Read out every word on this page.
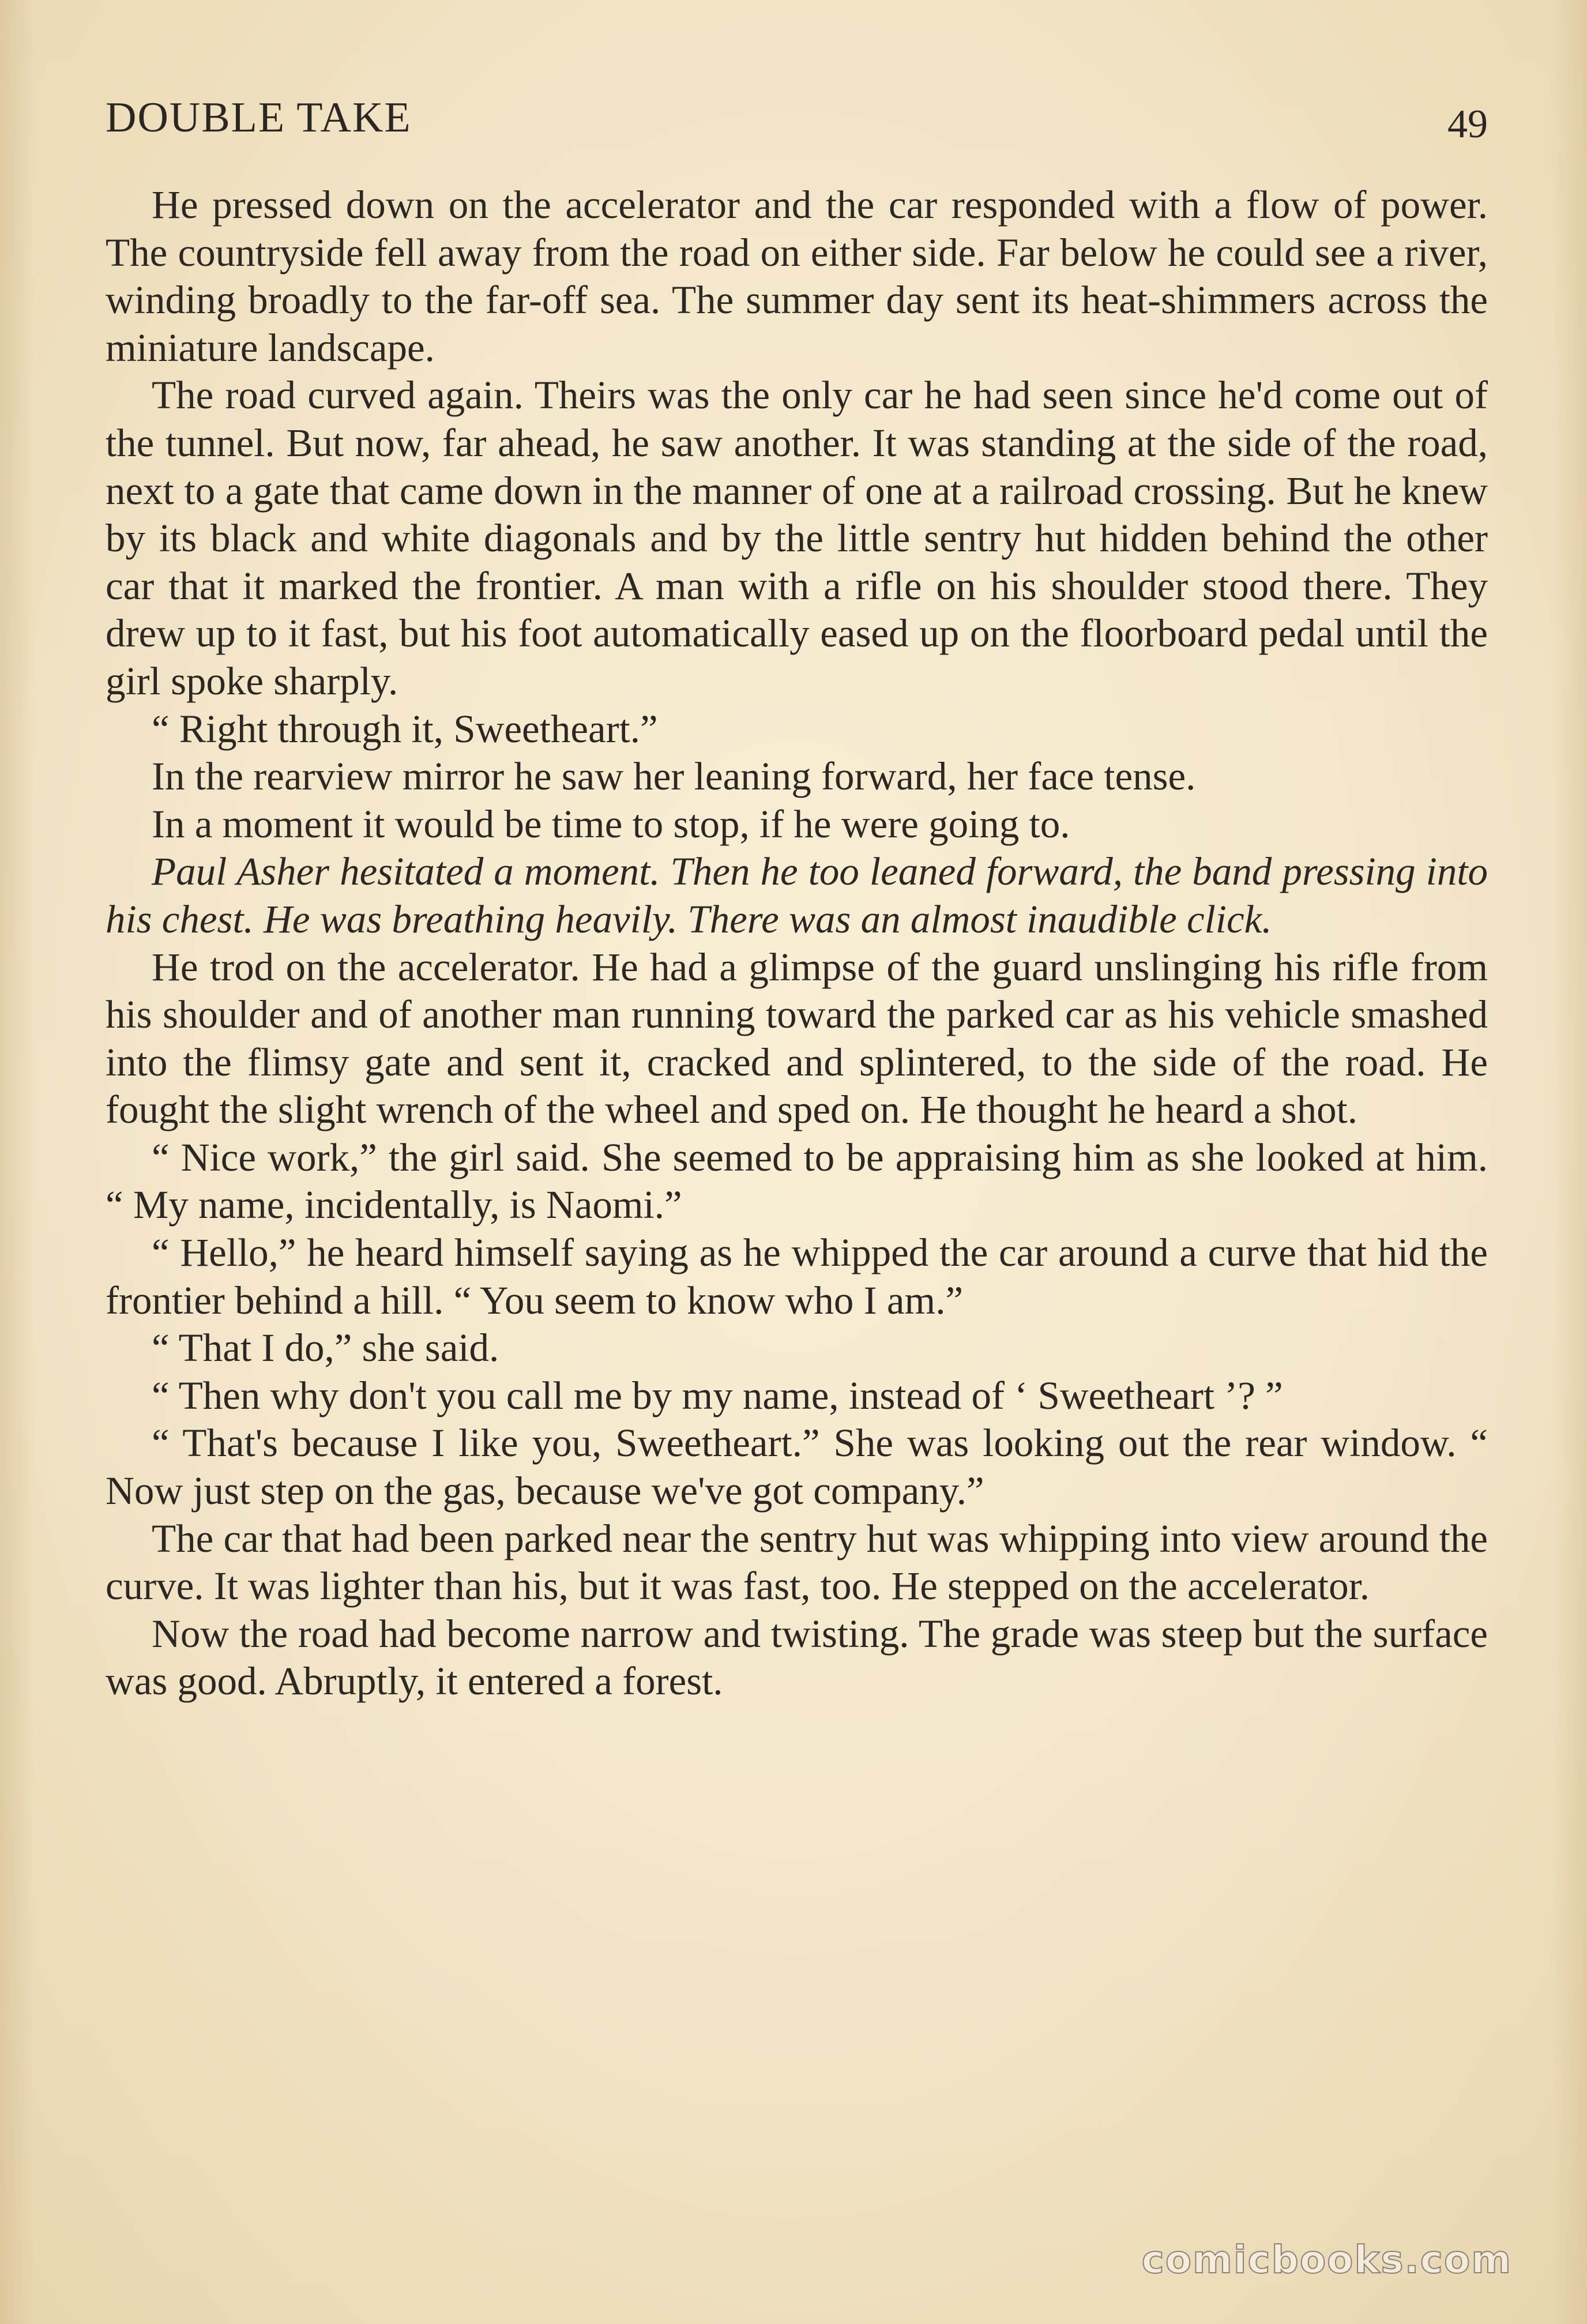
DOUBLE TAKE	49

He pressed down on the accelerator and the car responded with a flow of power. The countryside fell away from the road on either side. Far below he could see a river, winding broadly to the far-off sea. The summer day sent its heat-shimmers across the miniature landscape.

The road curved again. Theirs was the only car he had seen since he'd come out of the tunnel. But now, far ahead, he saw another. It was standing at the side of the road, next to a gate that came down in the manner of one at a railroad crossing. But he knew by its black and white diagonals and by the little sentry hut hidden behind the other car that it marked the frontier. A man with a rifle on his shoulder stood there. They drew up to it fast, but his foot automatically eased up on the floorboard pedal until the girl spoke sharply.

“ Right through it, Sweetheart.”

In the rearview mirror he saw her leaning forward, her face tense.

In a moment it would be time to stop, if he were going to.

Paul Asher hesitated a moment. Then he too leaned forward, the band pressing into his chest. He was breathing heavily. There was an almost inaudible click.

He trod on the accelerator. He had a glimpse of the guard unslinging his rifle from his shoulder and of another man running toward the parked car as his vehicle smashed into the flimsy gate and sent it, cracked and splintered, to the side of the road. He fought the slight wrench of the wheel and sped on. He thought he heard a shot.

“ Nice work,” the girl said. She seemed to be appraising him as she looked at him. “ My name, incidentally, is Naomi.”

“ Hello,” he heard himself saying as he whipped the car around a curve that hid the frontier behind a hill. “ You seem to know who I am.”

“ That I do,” she said.

“ Then why don't you call me by my name, instead of ‘ Sweetheart ’? ”

“ That's because I like you, Sweetheart.” She was looking out the rear window. “ Now just step on the gas, because we've got company.”

The car that had been parked near the sentry hut was whipping into view around the curve. It was lighter than his, but it was fast, too. He stepped on the accelerator.

Now the road had become narrow and twisting. The grade was steep but the surface was good. Abruptly, it entered a forest.

comicbooks.com
